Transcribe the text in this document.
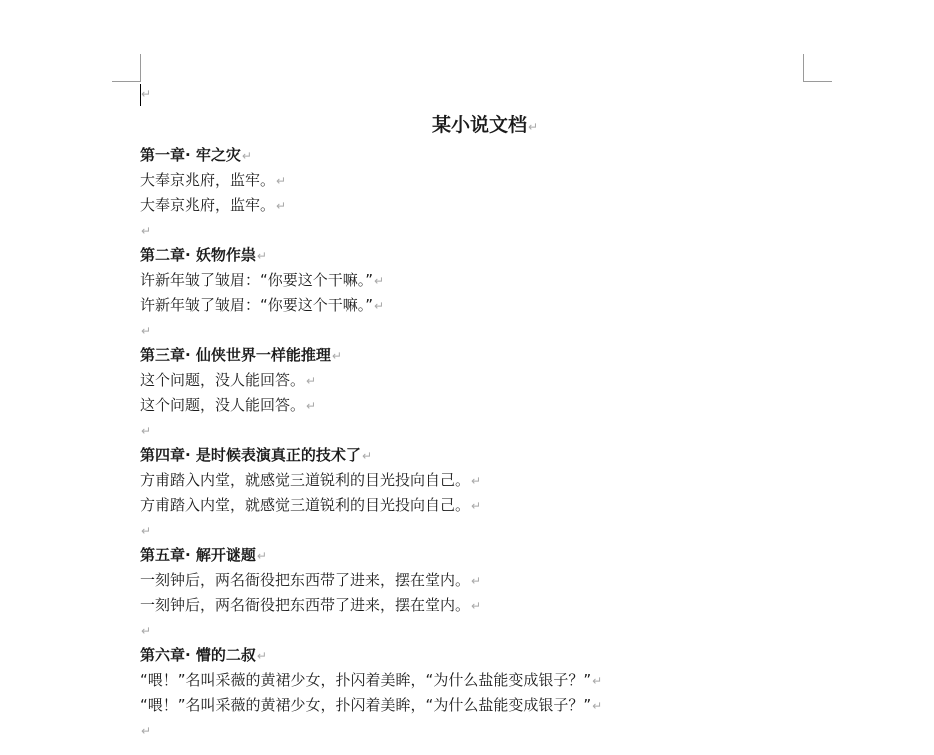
↵
某小说文档↵
第一章· 牢之灾↵
大奉京兆府，监牢。↵
大奉京兆府，监牢。↵
↵
第二章· 妖物作祟↵
许新年皱了皱眉：“你要这个干嘛。”↵
许新年皱了皱眉：“你要这个干嘛。”↵
↵
第三章· 仙侠世界一样能推理↵
这个问题，没人能回答。↵
这个问题，没人能回答。↵
↵
第四章· 是时候表演真正的技术了↵
方甫踏入内堂，就感觉三道锐利的目光投向自己。↵
方甫踏入内堂，就感觉三道锐利的目光投向自己。↵
↵
第五章· 解开谜题↵
一刻钟后，两名衙役把东西带了进来，摆在堂内。↵
一刻钟后，两名衙役把东西带了进来，摆在堂内。↵
↵
第六章· 懵的二叔↵
“喂！”名叫采薇的黄裙少女，扑闪着美眸，“为什么盐能变成银子？”↵
“喂！”名叫采薇的黄裙少女，扑闪着美眸，“为什么盐能变成银子？”↵
↵
